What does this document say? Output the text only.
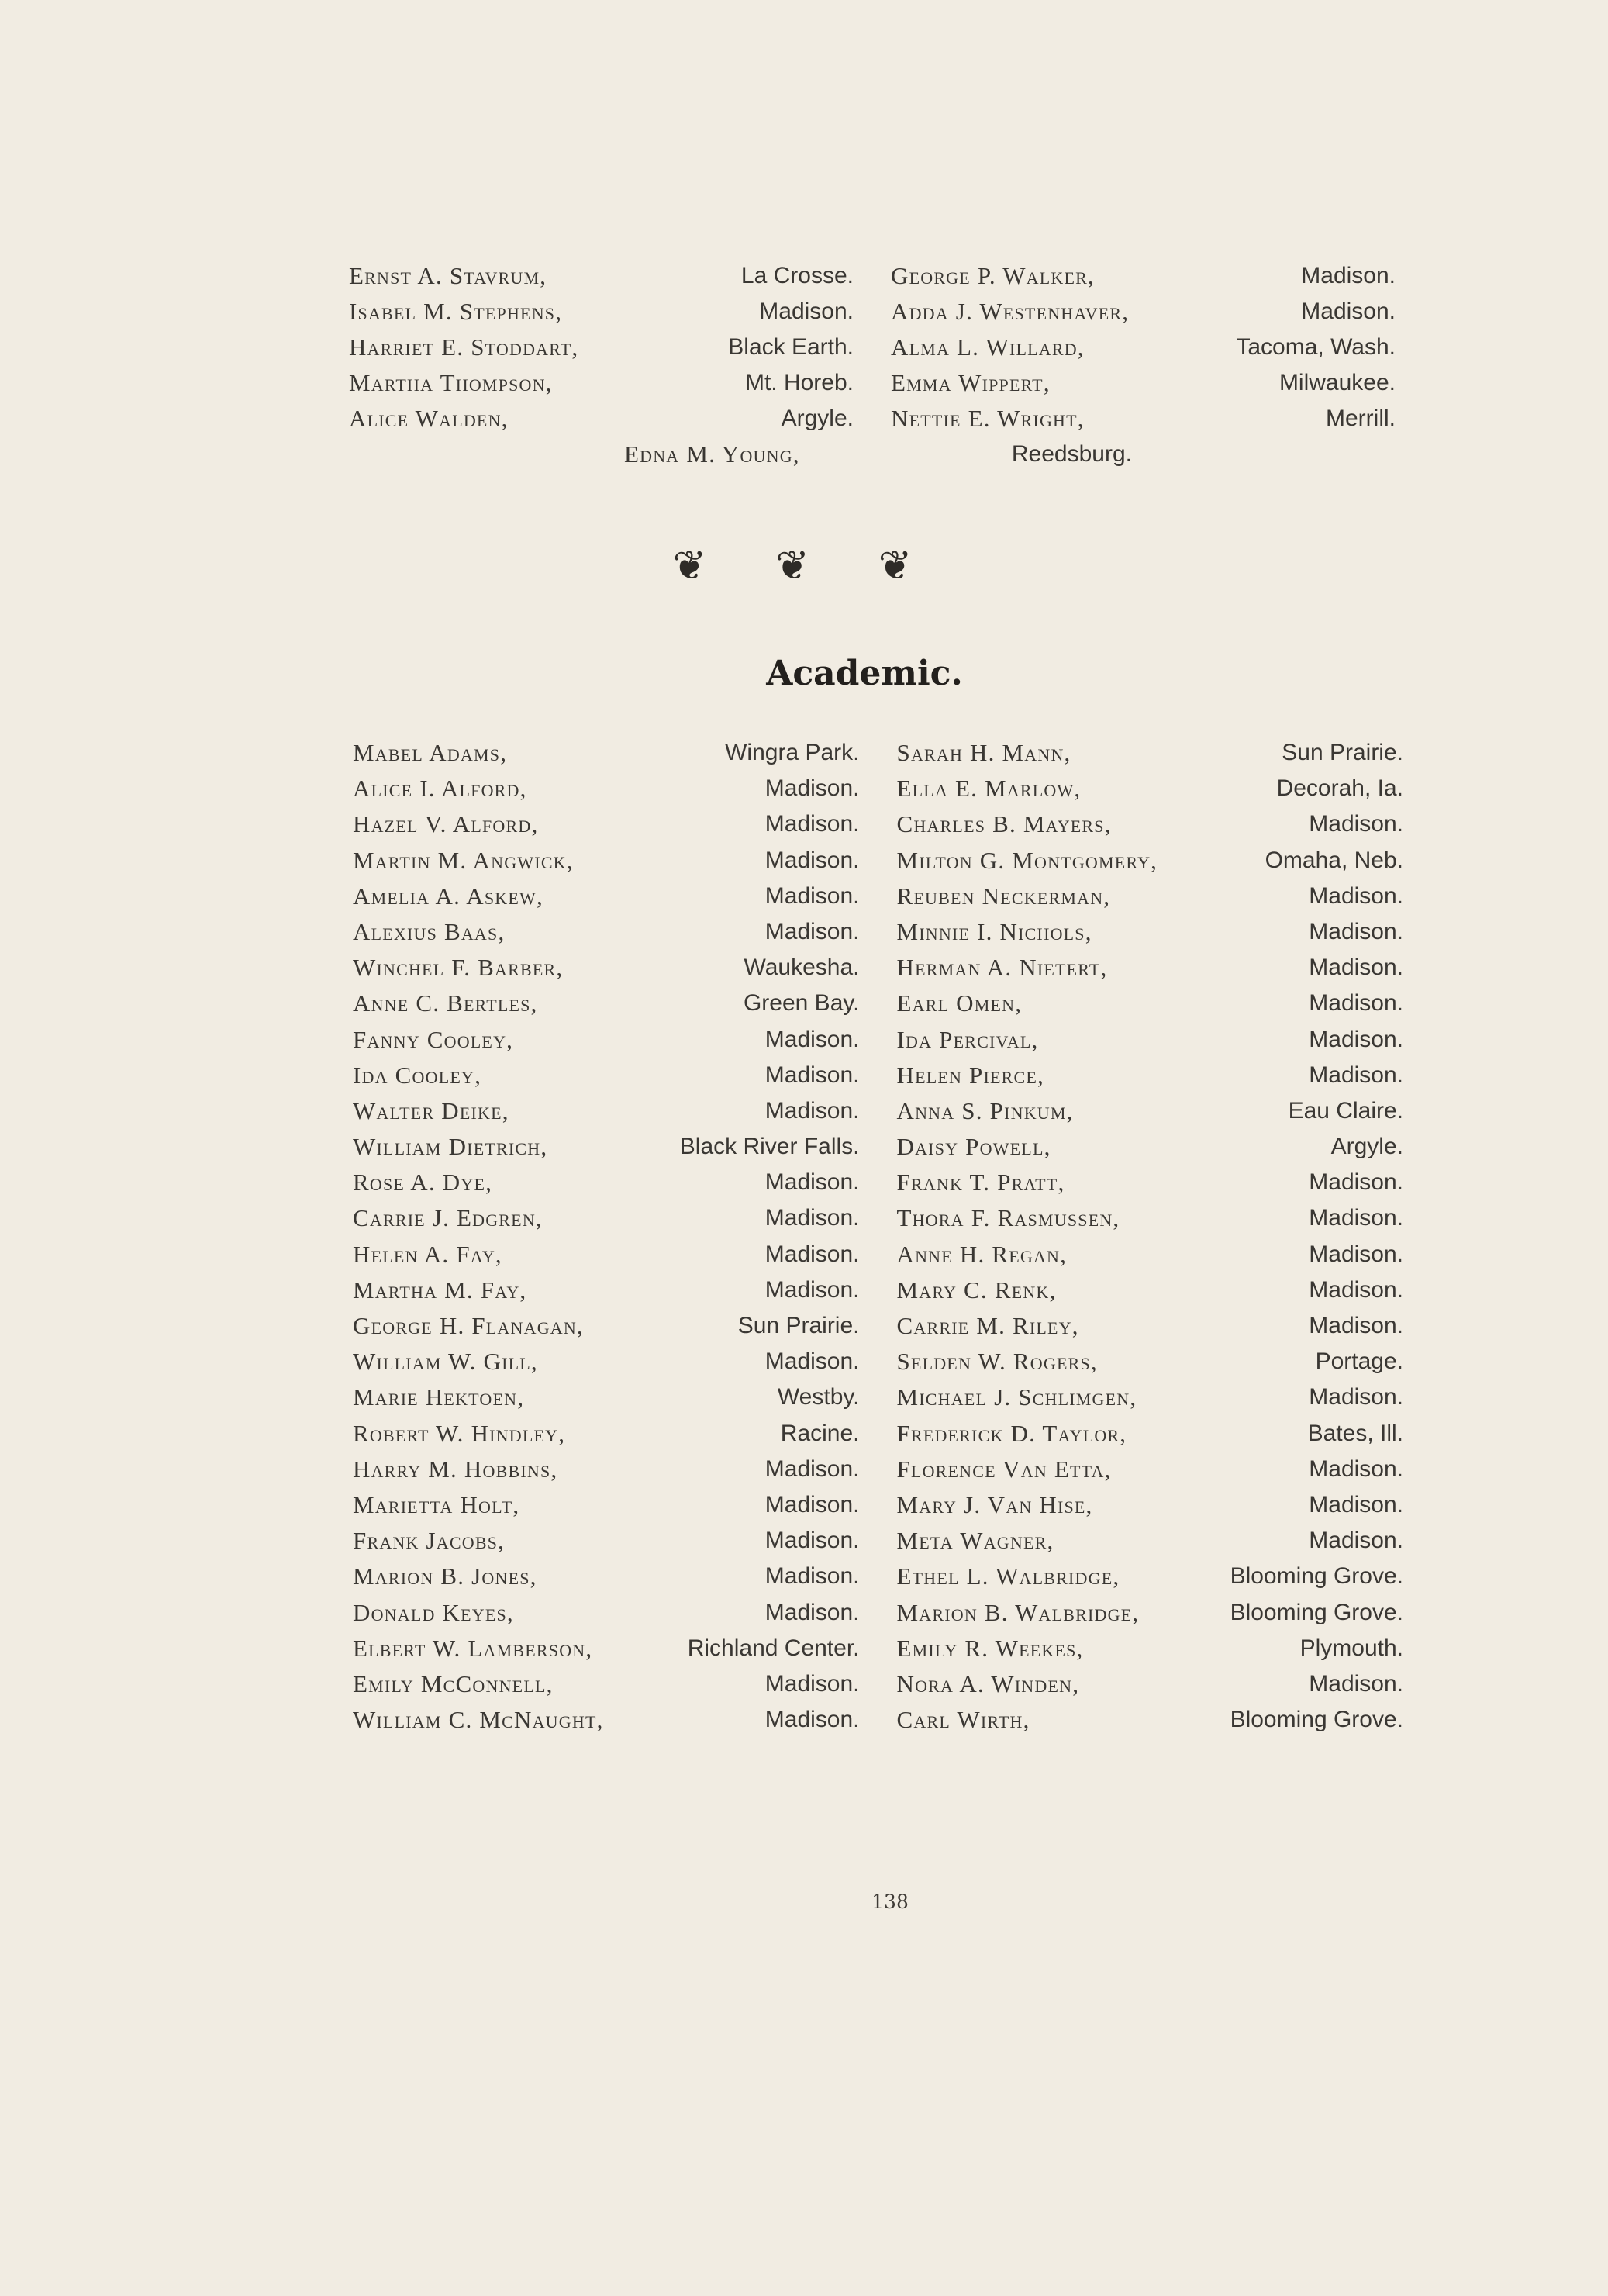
Ernst A. Stavrum,	La Crosse.
Isabel M. Stephens,	Madison.
Harriet E. Stoddart,	Black Earth.
Martha Thompson,	Mt. Horeb.
Alice Walden,	Argyle.
George P. Walker,	Madison.
Adda J. Westenhaver,	Madison.
Alma L. Willard,	Tacoma, Wash.
Emma Wippert,	Milwaukee.
Nettie E. Wright,	Merrill.
Edna M. Young,	Reedsburg.
❦ ❦ ❦
Academic.
Mabel Adams,	Wingra Park.
Alice I. Alford,	Madison.
Hazel V. Alford,	Madison.
Martin M. Angwick,	Madison.
Amelia A. Askew,	Madison.
Alexius Baas,	Madison.
Winchel F. Barber,	Waukesha.
Anne C. Bertles,	Green Bay.
Fanny Cooley,	Madison.
Ida Cooley,	Madison.
Walter Deike,	Madison.
William Dietrich,	Black River Falls.
Rose A. Dye,	Madison.
Carrie J. Edgren,	Madison.
Helen A. Fay,	Madison.
Martha M. Fay,	Madison.
George H. Flanagan,	Sun Prairie.
William W. Gill,	Madison.
Marie Hektoen,	Westby.
Robert W. Hindley,	Racine.
Harry M. Hobbins,	Madison.
Marietta Holt,	Madison.
Frank Jacobs,	Madison.
Marion B. Jones,	Madison.
Donald Keyes,	Madison.
Elbert W. Lamberson,	Richland Center.
Emily McConnell,	Madison.
William C. McNaught,	Madison.
Sarah H. Mann,	Sun Prairie.
Ella E. Marlow,	Decorah, Ia.
Charles B. Mayers,	Madison.
Milton G. Montgomery,	Omaha, Neb.
Reuben Neckerman,	Madison.
Minnie I. Nichols,	Madison.
Herman A. Nietert,	Madison.
Earl Omen,	Madison.
Ida Percival,	Madison.
Helen Pierce,	Madison.
Anna S. Pinkum,	Eau Claire.
Daisy Powell,	Argyle.
Frank T. Pratt,	Madison.
Thora F. Rasmussen,	Madison.
Anne H. Regan,	Madison.
Mary C. Renk,	Madison.
Carrie M. Riley,	Madison.
Selden W. Rogers,	Portage.
Michael J. Schlimgen,	Madison.
Frederick D. Taylor,	Bates, Ill.
Florence Van Etta,	Madison.
Mary J. Van Hise,	Madison.
Meta Wagner,	Madison.
Ethel L. Walbridge,	Blooming Grove.
Marion B. Walbridge,	Blooming Grove.
Emily R. Weekes,	Plymouth.
Nora A. Winden,	Madison.
Carl Wirth,	Blooming Grove.
138
